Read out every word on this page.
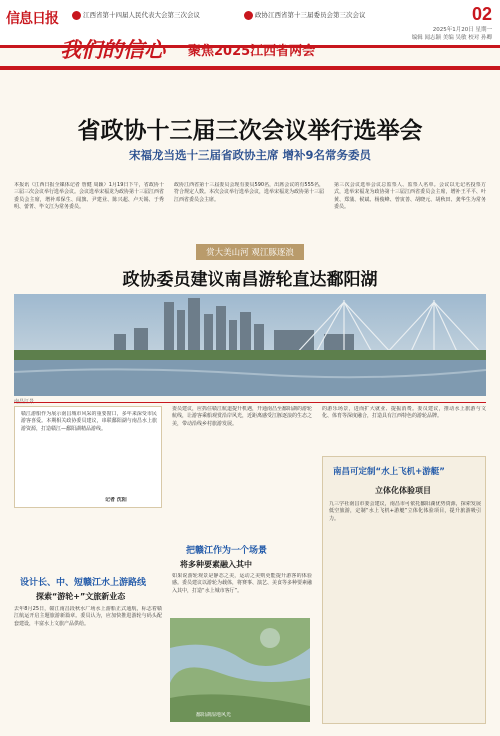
信息日报	江西省第十四届人民代表大会第三次会议	政协江西省第十三届委员会第三次会议	02
2025年1月20日 星期一
编辑 闻志颖 美编 吴敏 校对 孙卿
我们的信心 聚焦2025江西省两会
省政协十三届三次会议举行选举会
宋福龙当选十三届省政协主席 增补9名常务委员
本报讯（江西日报全媒体记者 詹健 周颖）1月19日下午，省政协十三届三次会议举行选举会议。会议选举宋福龙为政协第十三届江西省委员会主席，增补邓保生、闻旗、尹建业、陈兴超、卢天锡、于秀明、蕾菁、毕文江为常务委员。
政协江西省第十三届委员会现有委员590名，出席会议的有555名，符合规定人数。本次会议举行选举会议，选举宋福龙为政协第十三届江西省委员会主席。
第三次会议选举会议总监票人、监票人名单。会议以无记名投票方式，选举宋福龙为政协第十三届江西省委员会主席，增补王平平、叶黄、郑蒲、候斌、杨俊峰、曾寅善、胡晓元、胡秋田、龚华生为常务委员。
赏大美山河 观江豚逐浪
政协委员建议南昌游轮直达鄱阳湖
赣江游船作为展示南昌城市风采的重要窗口，多年来深受市民游客喜爱。本期相关政协委员建议，串联鄱阳湖与南昌水上旅游资源，打造赣江—鄱阳湖精品游线。
记者 沈阳
设计长、中、短赣江水上游路线
探索“游轮+”文旅新业态
去年8月25日，赣江南昌段秋水广场水上游船正式通航，标志着赣江航运开启主题旅游新篇章。委员认为，应加快推进游轮与码头配套建设，丰富水上文旅产品供给。
委员建议，应抓住赣江航道提升机遇，开通南昌至鄱阳湖的游轮航线，让游客乘船观赏沿岸风光，近距离感受江豚逐浪的生态之美，带动沿线乡村旅游发展。
把赣江作为一个场景
将多种要素融入其中
如果说游轮观景是静态之美，运动之美则更能提升游客的体验感。委员建议以游轮为载体，将赛事、演艺、美食等多种要素融入其中，打造“水上城市客厅”。
鄱阳湖湿地风光
的游乐场景，进而扩大就业、提振消费。委员建议，推动水上旅游与文化、体育等深度融合，打造具有江西特色的游轮品牌。
南昌可定制“水上飞机+游艇”
立体化体验项目
九三学社南昌市委会建议，南昌市可依托鄱阳湖优势资源，探索发展低空旅游，定制“水上飞机+游艇”立体化体验项目，提升旅游吸引力。
